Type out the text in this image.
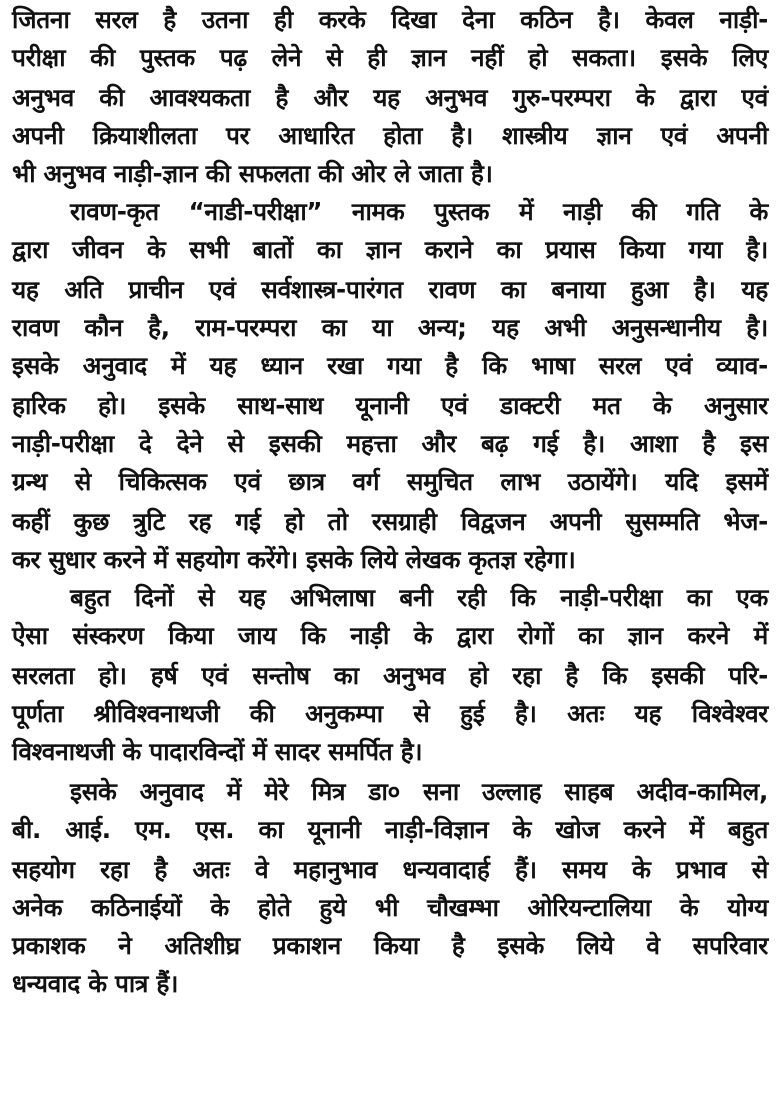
जितना सरल है उतना ही करके दिखा देना कठिन है। केवल नाड़ी-
परीक्षा की पुस्तक पढ़ लेने से ही ज्ञान नहीं हो सकता। इसके लिए
अनुभव की आवश्यकता है और यह अनुभव गुरु-परम्परा के द्वारा एवं
अपनी क्रियाशीलता पर आधारित होता है। शास्त्रीय ज्ञान एवं अपनी
भी अनुभव नाड़ी-ज्ञान की सफलता की ओर ले जाता है।
रावण-कृत “नाडी-परीक्षा” नामक पुस्तक में नाड़ी की गति के
द्वारा जीवन के सभी बातों का ज्ञान कराने का प्रयास किया गया है।
यह अति प्राचीन एवं सर्वशास्त्र-पारंगत रावण का बनाया हुआ है। यह
रावण कौन है, राम-परम्परा का या अन्य; यह अभी अनुसन्धानीय है।
इसके अनुवाद में यह ध्यान रखा गया है कि भाषा सरल एवं व्याव-
हारिक हो। इसके साथ-साथ यूनानी एवं डाक्टरी मत के अनुसार
नाड़ी-परीक्षा दे देने से इसकी महत्ता और बढ़ गई है। आशा है इस
ग्रन्थ से चिकित्सक एवं छात्र वर्ग समुचित लाभ उठायेंगे। यदि इसमें
कहीं कुछ त्रुटि रह गई हो तो रसग्राही विद्वजन अपनी सुसम्मति भेज-
कर सुधार करने में सहयोग करेंगे। इसके लिये लेखक कृतज्ञ रहेगा।
बहुत दिनों से यह अभिलाषा बनी रही कि नाड़ी-परीक्षा का एक
ऐसा संस्करण किया जाय कि नाड़ी के द्वारा रोगों का ज्ञान करने में
सरलता हो। हर्ष एवं सन्तोष का अनुभव हो रहा है कि इसकी परि-
पूर्णता श्रीविश्वनाथजी की अनुकम्पा से हुई है। अतः यह विश्वेश्वर
विश्वनाथजी के पादारविन्दों में सादर समर्पित है।
इसके अनुवाद में मेरे मित्र डा० सना उल्लाह साहब अदीव-कामिल,
बी. आई. एम. एस. का यूनानी नाड़ी-विज्ञान के खोज करने में बहुत
सहयोग रहा है अतः वे महानुभाव धन्यवादार्ह हैं। समय के प्रभाव से
अनेक कठिनाईयों के होते हुये भी चौखम्भा ओरियन्टालिया के योग्य
प्रकाशक ने अतिशीघ्र प्रकाशन किया है इसके लिये वे सपरिवार
धन्यवाद के पात्र हैं।
